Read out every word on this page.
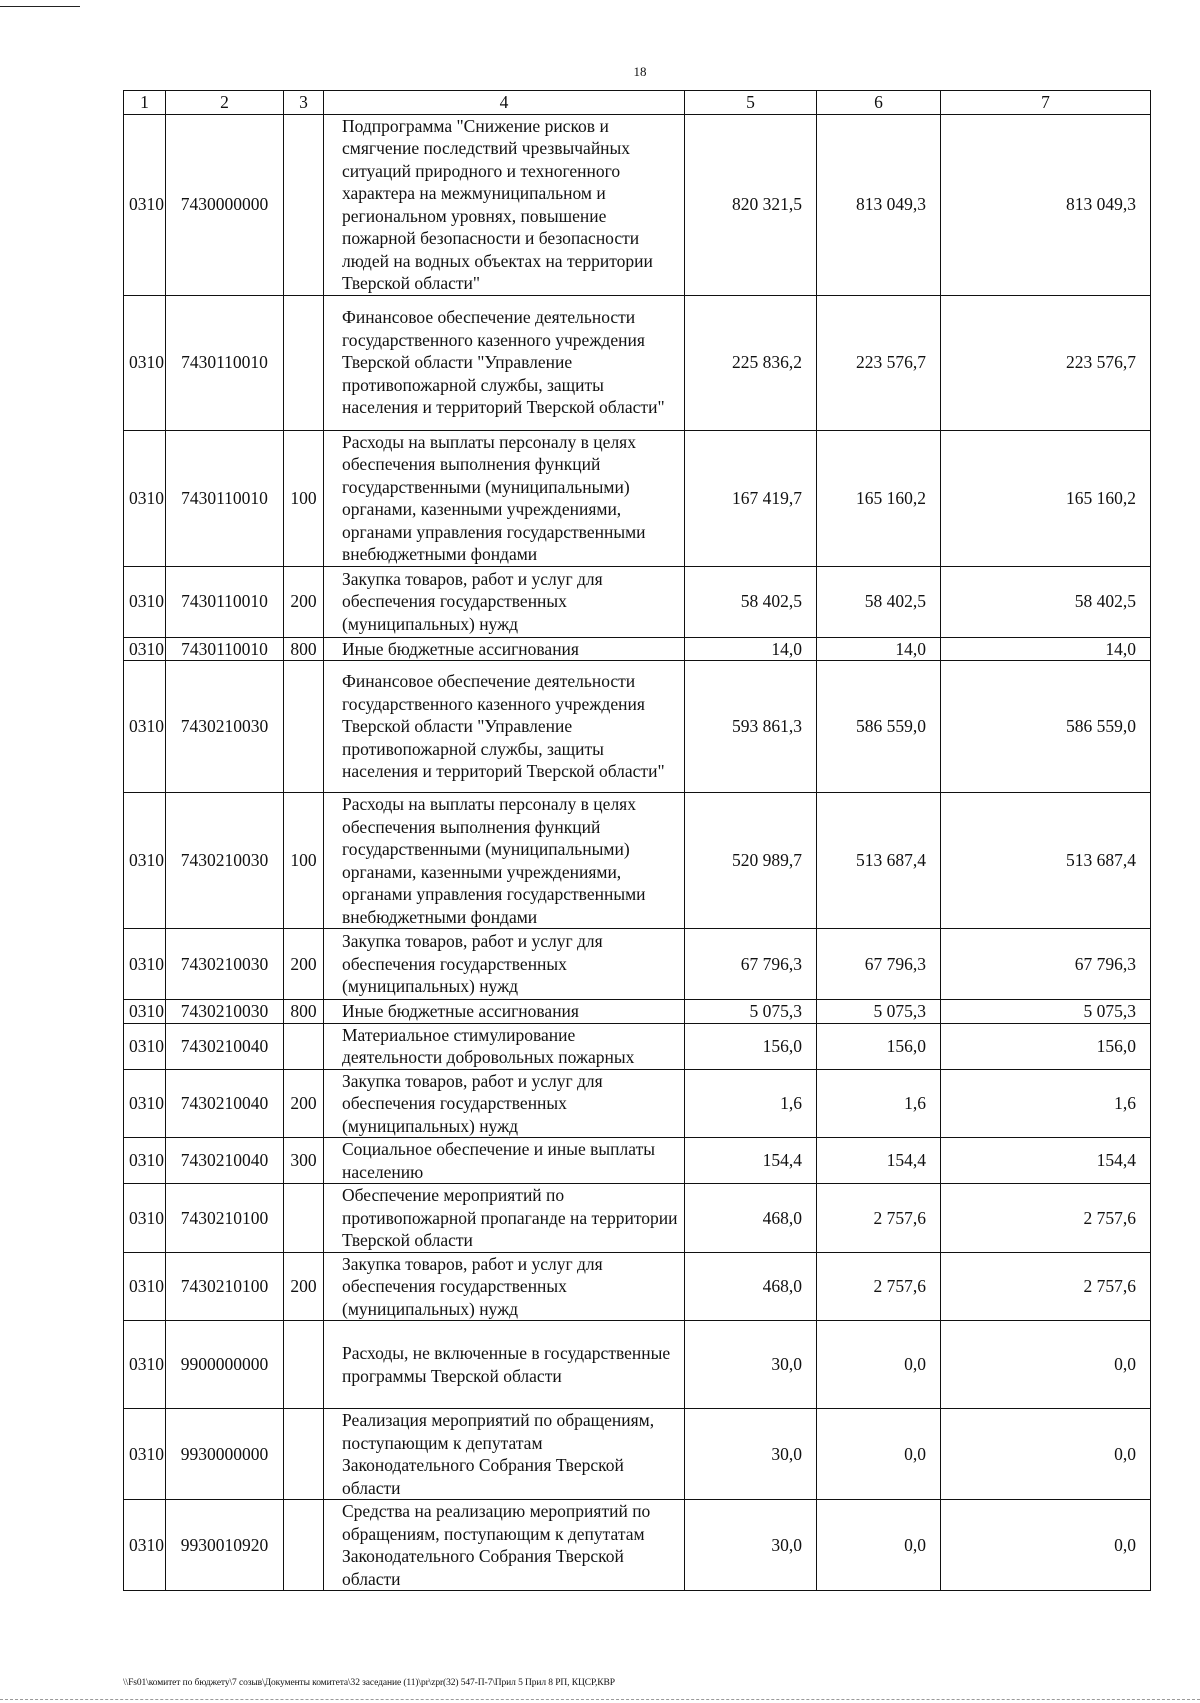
18
1	2	3	4	5	6	7
0310	7430000000		Подпрограмма "Снижение рисков и смягчение последствий чрезвычайных ситуаций природного и техногенного характера на межмуниципальном и региональном уровнях, повышение пожарной безопасности и безопасности людей на водных объектах на территории Тверской области"	820 321,5	813 049,3	813 049,3
0310	7430110010		Финансовое обеспечение деятельности государственного казенного учреждения Тверской области "Управление противопожарной службы, защиты населения и территорий Тверской области"	225 836,2	223 576,7	223 576,7
0310	7430110010	100	Расходы на выплаты персоналу в целях обеспечения выполнения функций государственными (муниципальными) органами, казенными учреждениями, органами управления государственными внебюджетными фондами	167 419,7	165 160,2	165 160,2
0310	7430110010	200	Закупка товаров, работ и услуг для обеспечения государственных (муниципальных) нужд	58 402,5	58 402,5	58 402,5
0310	7430110010	800	Иные бюджетные ассигнования	14,0	14,0	14,0
0310	7430210030		Финансовое обеспечение деятельности государственного казенного учреждения Тверской области "Управление противопожарной службы, защиты населения и территорий Тверской области"	593 861,3	586 559,0	586 559,0
0310	7430210030	100	Расходы на выплаты персоналу в целях обеспечения выполнения функций государственными (муниципальными) органами, казенными учреждениями, органами управления государственными внебюджетными фондами	520 989,7	513 687,4	513 687,4
0310	7430210030	200	Закупка товаров, работ и услуг для обеспечения государственных (муниципальных) нужд	67 796,3	67 796,3	67 796,3
0310	7430210030	800	Иные бюджетные ассигнования	5 075,3	5 075,3	5 075,3
0310	7430210040		Материальное стимулирование деятельности добровольных пожарных	156,0	156,0	156,0
0310	7430210040	200	Закупка товаров, работ и услуг для обеспечения государственных (муниципальных) нужд	1,6	1,6	1,6
0310	7430210040	300	Социальное обеспечение и иные выплаты населению	154,4	154,4	154,4
0310	7430210100		Обеспечение мероприятий по противопожарной пропаганде на территории Тверской области	468,0	2 757,6	2 757,6
0310	7430210100	200	Закупка товаров, работ и услуг для обеспечения государственных (муниципальных) нужд	468,0	2 757,6	2 757,6
0310	9900000000		Расходы, не включенные в государственные программы Тверской области	30,0	0,0	0,0
0310	9930000000		Реализация мероприятий по обращениям, поступающим к депутатам Законодательного Собрания Тверской области	30,0	0,0	0,0
0310	9930010920		Средства на реализацию мероприятий по обращениям, поступающим к депутатам Законодательного Собрания Тверской области	30,0	0,0	0,0
\\Fs01\комитет по бюджету\7 созыв\Документы комитета\32 заседание (11)\pr\zpr(32) 547-П-7\Прил 5 Прил 8 РП, КЦСР,КВР
